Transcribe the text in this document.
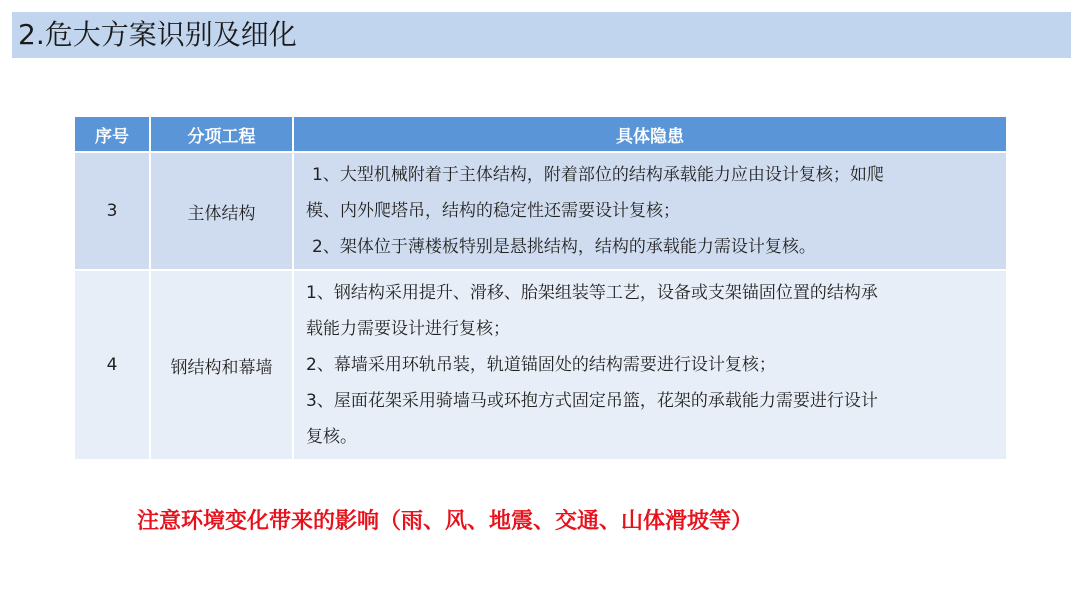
2.危大方案识别及细化
序号	分项工程	具体隐患
3	主体结构	1、大型机械附着于主体结构，附着部位的结构承载能力应由设计复核；如爬
模、内外爬塔吊，结构的稳定性还需要设计复核；
2、架体位于薄楼板特别是悬挑结构，结构的承载能力需设计复核。

4	钢结构和幕墙	1、钢结构采用提升、滑移、胎架组装等工艺，设备或支架锚固位置的结构承
载能力需要设计进行复核；
2、幕墙采用环轨吊装，轨道锚固处的结构需要进行设计复核；
3、屋面花架采用骑墙马或环抱方式固定吊篮，花架的承载能力需要进行设计
复核。
注意环境变化带来的影响（雨、风、地震、交通、山体滑坡等）
